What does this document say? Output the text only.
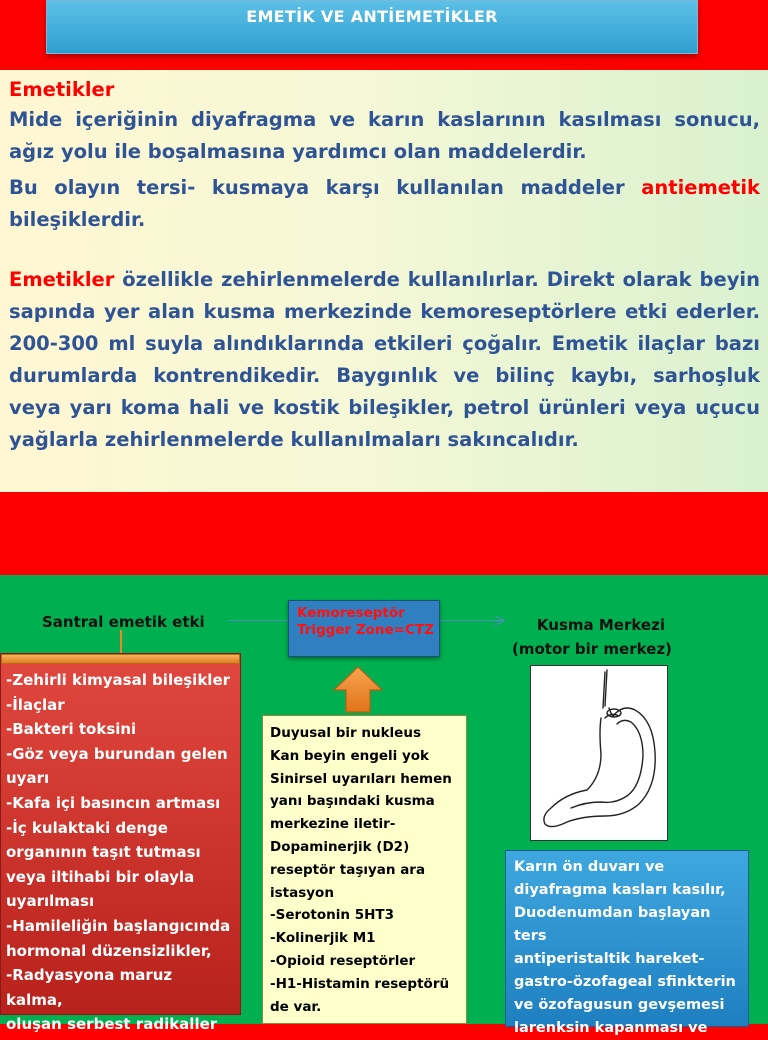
EMETİK VE ANTİEMETİKLER
Emetikler

Mide içeriğinin diyafragma ve karın kaslarının kasılması sonucu, ağız yolu ile boşalmasına yardımcı olan maddelerdir.

Bu olayın tersi- kusmaya karşı kullanılan maddeler antiemetik bileşiklerdir.

Emetikler özellikle zehirlenmelerde kullanılırlar. Direkt olarak beyin sapında yer alan kusma merkezinde kemoreseptörlere etki ederler. 200-300 ml suyla alındıklarında etkileri çoğalır. Emetik ilaçlar bazı durumlarda kontrendikedir. Baygınlık ve bilinç kaybı, sarhoşluk veya yarı koma hali ve kostik bileşikler, petrol ürünleri veya uçucu yağlarla zehirlenmelerde kullanılmaları sakıncalıdır.

Santral emetik etki	Kemoreseptör
Trigger Zone=CTZ	Kusma Merkezi
(motor bir merkez)
-Zehirli kimyasal bileşikler
-İlaçlar
-Bakteri toksini
-Göz veya burundan gelen
uyarı
-Kafa içi basıncın artması
-İç kulaktaki denge
organının taşıt tutması
veya iltihabi bir olayla
uyarılması
-Hamileliğin başlangıcında
hormonal düzensizlikler,
-Radyasyona maruz kalma,
oluşan serbest radikaller
Duyusal bir nukleus
Kan beyin engeli yok
Sinirsel uyarıları hemen
yanı başındaki kusma
merkezine iletir-
Dopaminerjik (D2)
reseptör taşıyan ara
istasyon
-Serotonin 5HT3
-Kolinerjik M1
-Opioid reseptörler
-H1-Histamin reseptörü
de var.
Karın ön duvarı ve
diyafragma kasları kasılır,
Duodenumdan başlayan ters
antiperistaltik hareket-
gastro-özofageal sfinkterin
ve özofagusun gevşemesi
larenksin kapanması ve
